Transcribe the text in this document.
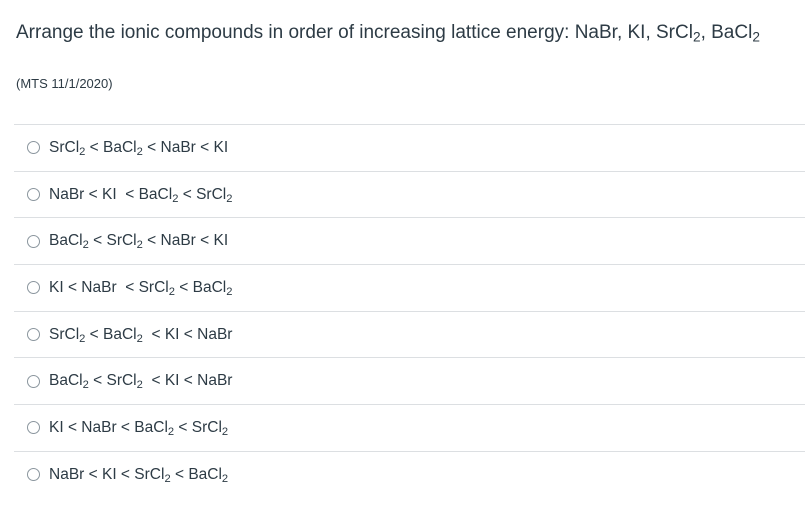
Arrange the ionic compounds in order of increasing lattice energy: NaBr, KI, SrCl$_2$, BaCl$_2$
(MTS 11/1/2020)
SrCl$_2$ < BaCl$_2$ < NaBr < KI
NaBr < KI  < BaCl$_2$ < SrCl$_2$
BaCl$_2$ < SrCl$_2$ < NaBr < KI
KI < NaBr  < SrCl$_2$ < BaCl$_2$
SrCl$_2$ < BaCl$_2$  < KI < NaBr
BaCl$_2$ < SrCl$_2$  < KI < NaBr
KI < NaBr < BaCl$_2$ < SrCl$_2$
NaBr < KI < SrCl$_2$ < BaCl$_2$
